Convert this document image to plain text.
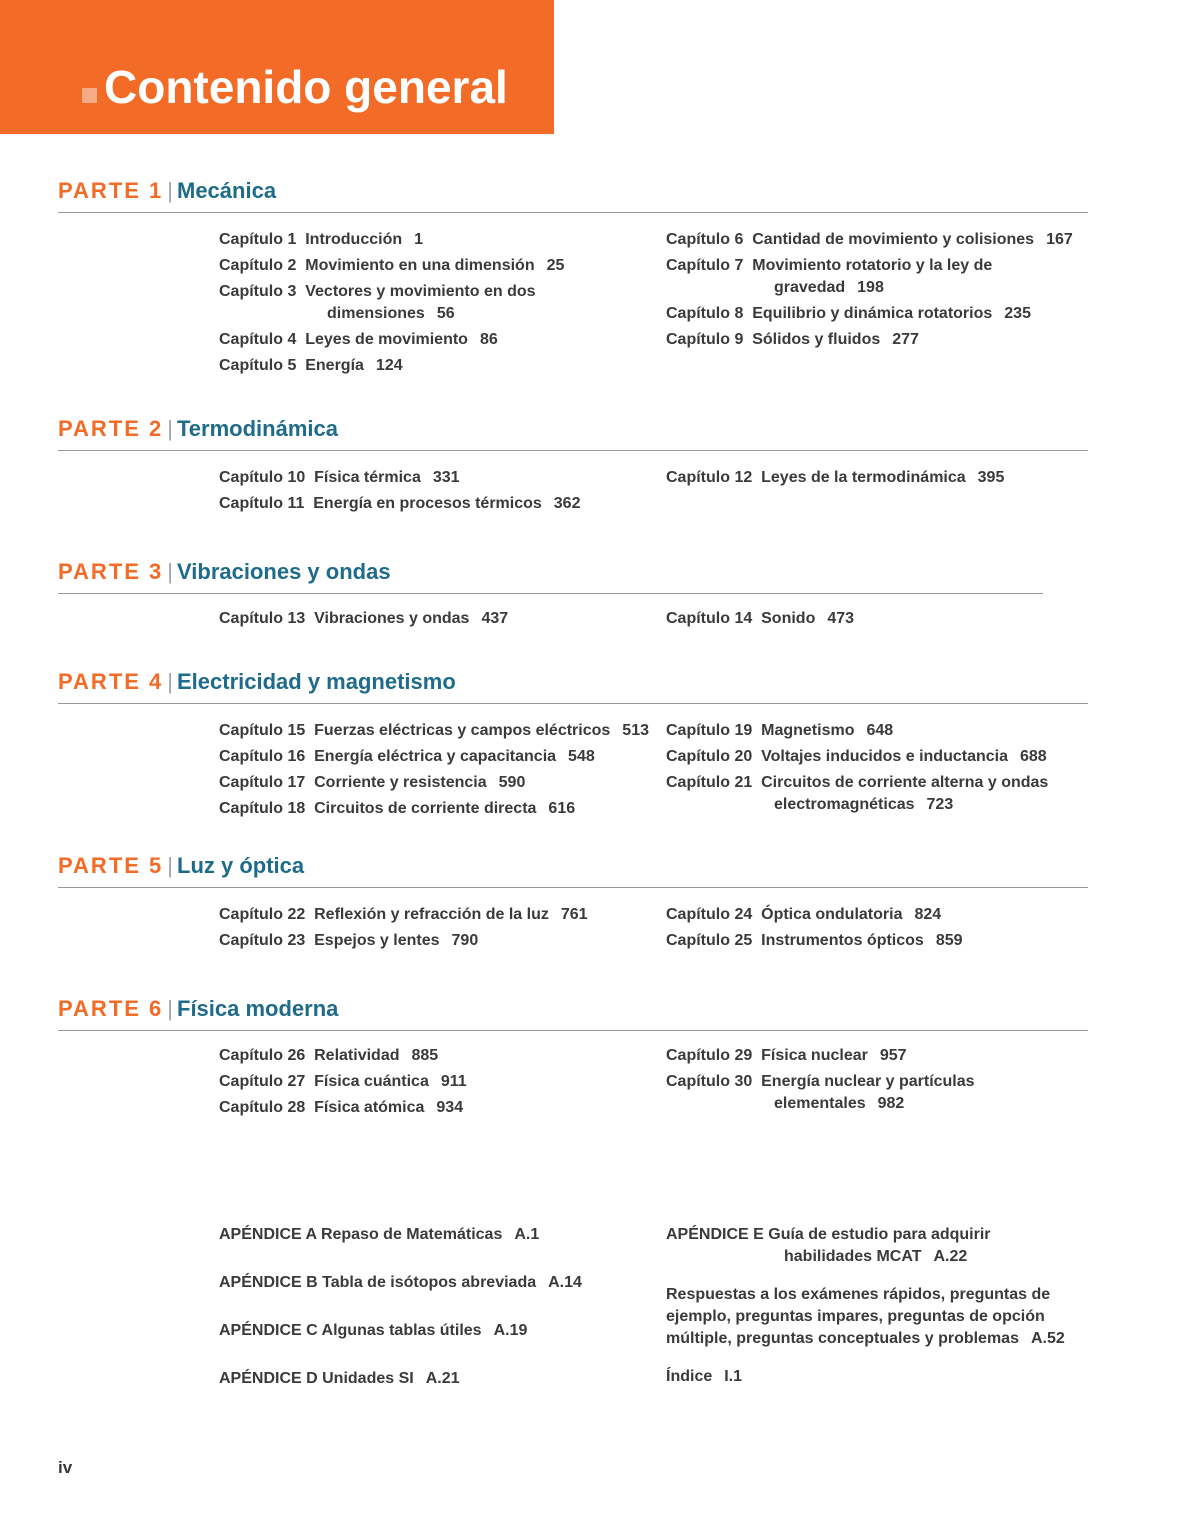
Contenido general
PARTE 1 | Mecánica
Capítulo 1 Introducción 1
Capítulo 2 Movimiento en una dimensión 25
Capítulo 3 Vectores y movimiento en dos
dimensiones 56
Capítulo 4 Leyes de movimiento 86
Capítulo 5 Energía 124
Capítulo 6 Cantidad de movimiento y colisiones 167
Capítulo 7 Movimiento rotatorio y la ley de
gravedad 198
Capítulo 8 Equilibrio y dinámica rotatorios 235
Capítulo 9 Sólidos y fluidos 277
PARTE 2 | Termodinámica
Capítulo 10 Física térmica 331
Capítulo 11 Energía en procesos térmicos 362
Capítulo 12 Leyes de la termodinámica 395
PARTE 3 | Vibraciones y ondas
Capítulo 13 Vibraciones y ondas 437	Capítulo 14 Sonido 473
PARTE 4 | Electricidad y magnetismo
Capítulo 15 Fuerzas eléctricas y campos eléctricos 513
Capítulo 16 Energía eléctrica y capacitancia 548
Capítulo 17 Corriente y resistencia 590
Capítulo 18 Circuitos de corriente directa 616
Capítulo 19 Magnetismo 648
Capítulo 20 Voltajes inducidos e inductancia 688
Capítulo 21 Circuitos de corriente alterna y ondas
electromagnéticas 723
PARTE 5 | Luz y óptica
Capítulo 22 Reflexión y refracción de la luz 761
Capítulo 23 Espejos y lentes 790
Capítulo 24 Óptica ondulatoria 824
Capítulo 25 Instrumentos ópticos 859
PARTE 6 | Física moderna
Capítulo 26 Relatividad 885
Capítulo 27 Física cuántica 911
Capítulo 28 Física atómica 934
Capítulo 29 Física nuclear 957
Capítulo 30 Energía nuclear y partículas
elementales 982
APÉNDICE A Repaso de Matemáticas A.1
APÉNDICE B Tabla de isótopos abreviada A.14
APÉNDICE C Algunas tablas útiles A.19
APÉNDICE D Unidades SI A.21
APÉNDICE E Guía de estudio para adquirir
habilidades MCAT A.22
Respuestas a los exámenes rápidos, preguntas de
ejemplo, preguntas impares, preguntas de opción
múltiple, preguntas conceptuales y problemas A.52
Índice I.1
iv
